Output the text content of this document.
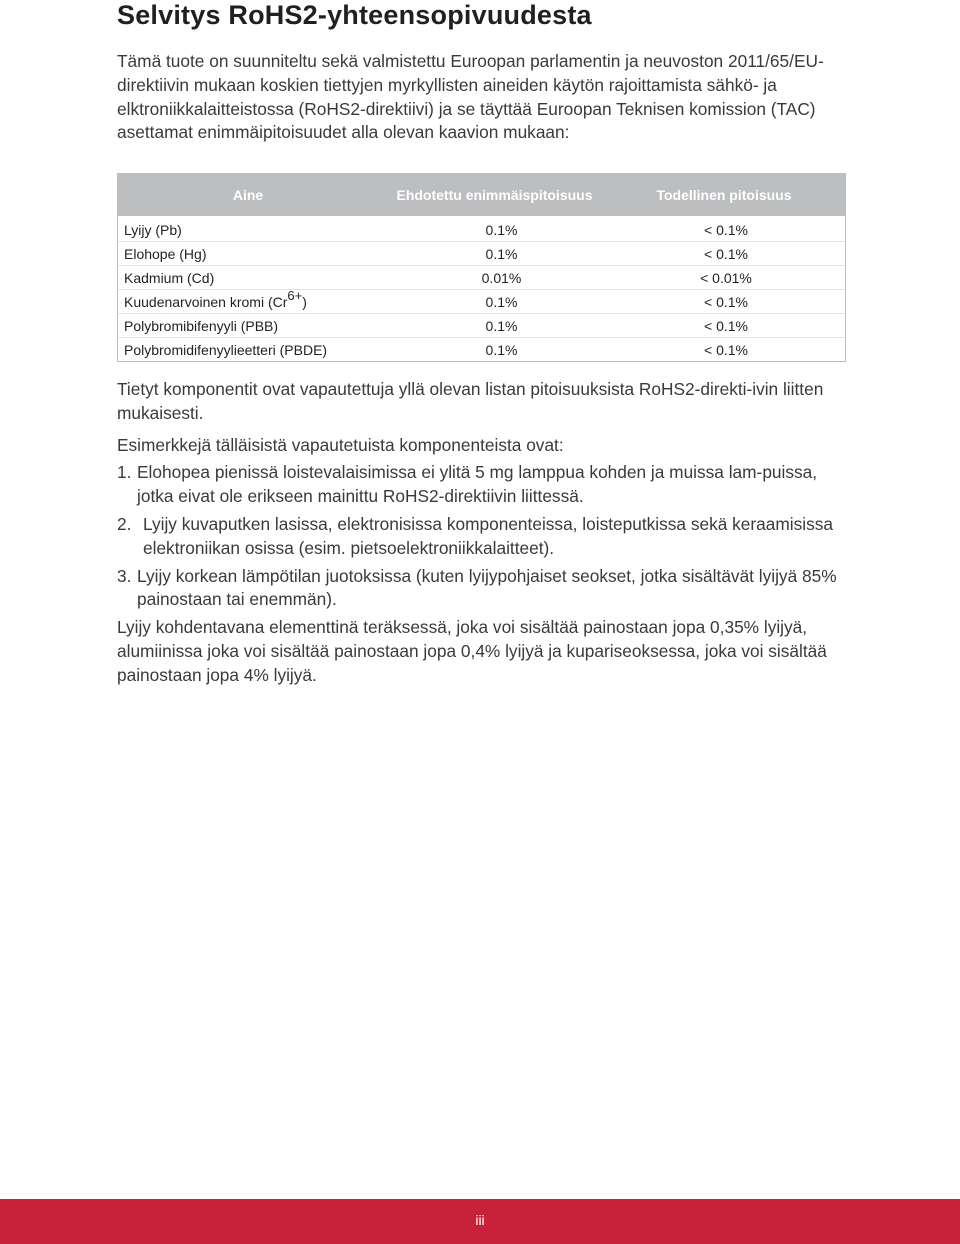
Selvitys RoHS2-yhteensopivuudesta

Tämä tuote on suunniteltu sekä valmistettu Euroopan parlamentin ja neuvoston 2011/65/EU-direktiivin mukaan koskien tiettyjen myrkyllisten aineiden käytön rajoittamista sähkö- ja elktroniikkalaitteistossa (RoHS2-direktiivi) ja se täyttää Euroopan Teknisen komission (TAC) asettamat enimmäipitoisuudet alla olevan kaavion mukaan:

Aine	Ehdotettu enimmäispitoisuus	Todellinen pitoisuus
Lyijy (Pb)	0.1%	< 0.1%
Elohope (Hg)	0.1%	< 0.1%
Kadmium (Cd)	0.01%	< 0.01%
Kuudenarvoinen kromi $(Cr^{6+})$	0.1%	< 0.1%
Polybromibifenyyli (PBB)	0.1%	< 0.1%
Polybromidifenyylieetteri (PBDE)	0.1%	< 0.1%

Tietyt komponentit ovat vapautettuja yllä olevan listan pitoisuuksista RoHS2-direkti-ivin liitten mukaisesti.

Esimerkkejä tälläisistä vapautetuista komponenteista ovat:

1. Elohopea pienissä loistevalaisimissa ei ylitä 5 mg lamppua kohden ja muissa lam-puissa, jotka eivat ole erikseen mainittu RoHS2-direktiivin liittessä.
2. Lyijy kuvaputken lasissa, elektronisissa komponenteissa, loisteputkissa sekä keraamisissa elektroniikan osissa (esim. pietsoelektroniikkalaitteet).
3. Lyijy korkean lämpötilan juotoksissa (kuten lyijypohjaiset seokset, jotka sisältävät lyijyä 85% painostaan tai enemmän).

Lyijy kohdentavana elementtinä teräksessä, joka voi sisältää painostaan jopa 0,35% lyijyä, alumiinissa joka voi sisältää painostaan jopa 0,4% lyijyä ja kupariseoksessa, joka voi sisältää painostaan jopa 4% lyijyä.

iii
